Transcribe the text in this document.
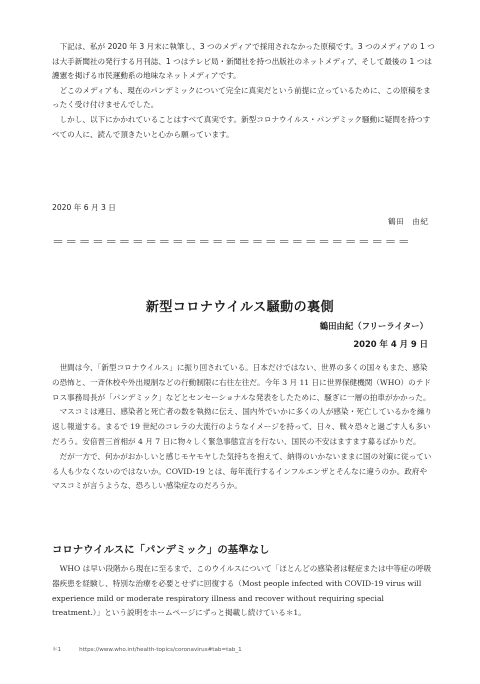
下記は、私が 2020 年 3 月末に執筆し、3 つのメディアで採用されなかった原稿です。3 つのメディアの 1 つは大手新聞社の発行する月刊誌、1 つはテレビ局・新聞社を持つ出版社のネットメディア、そして最後の 1 つは護憲を掲げる市民運動系の地味なネットメディアです。

どこのメディアも、現在のパンデミックについて完全に真実だという前提に立っているために、この原稿をまったく受け付けませんでした。

しかし、以下にかかれていることはすべて真実です。新型コロナウイルス・パンデミック騒動に疑問を持つすべての人に、読んで頂きたいと心から願っています。

2020 年 6 月 3 日
鶴田　由紀
＝＝＝＝＝＝＝＝＝＝＝＝＝＝＝＝＝＝＝＝＝＝＝＝＝＝＝
新型コロナウイルス騒動の裏側
鶴田由紀（フリーライター）
2020 年 4 月 9 日

世間は今、「新型コロナウイルス」に振り回されている。日本だけではない、世界の多くの国々もまた、感染の恐怖と、一斉休校や外出規制などの行動制限に右往左往だ。今年 3 月 11 日に世界保健機関（WHO）のテドロス事務局長が「パンデミック」などとセンセーショナルな発表をしたために、騒ぎに一層の拍車がかかった。

マスコミは連日、感染者と死亡者の数を執拗に伝え、国内外でいかに多くの人が感染・死亡しているかを繰り返し報道する。まるで 19 世紀のコレラの大流行のようなイメージを持って、日々、戦々恐々と過ごす人も多いだろう。安倍晋三首相が 4 月 7 日に物々しく緊急事態宣言を行ない、国民の不安はますます募るばかりだ。

だが一方で、何かがおかしいと感じモヤモヤした気持ちを抱えて、納得のいかないままに国の対策に従っている人も少なくないのではないか。COVID-19 とは、毎年流行するインフルエンザとそんなに違うのか。政府やマスコミが言うような、恐ろしい感染症なのだろうか。

コロナウイルスに「パンデミック」の基準なし

WHO は早い段階から現在に至るまで、このウイルスについて「ほとんどの感染者は軽症または中等症の呼吸器疾患を経験し、特別な治療を必要とせずに回復する（Most people infected with COVID-19 virus will experience mild or moderate respiratory illness and recover without requiring special treatment.）」という説明をホームページにずっと掲載し続けている＊1。

＊1	https://www.who.int/health-topics/coronavirus#tab=tab_1
